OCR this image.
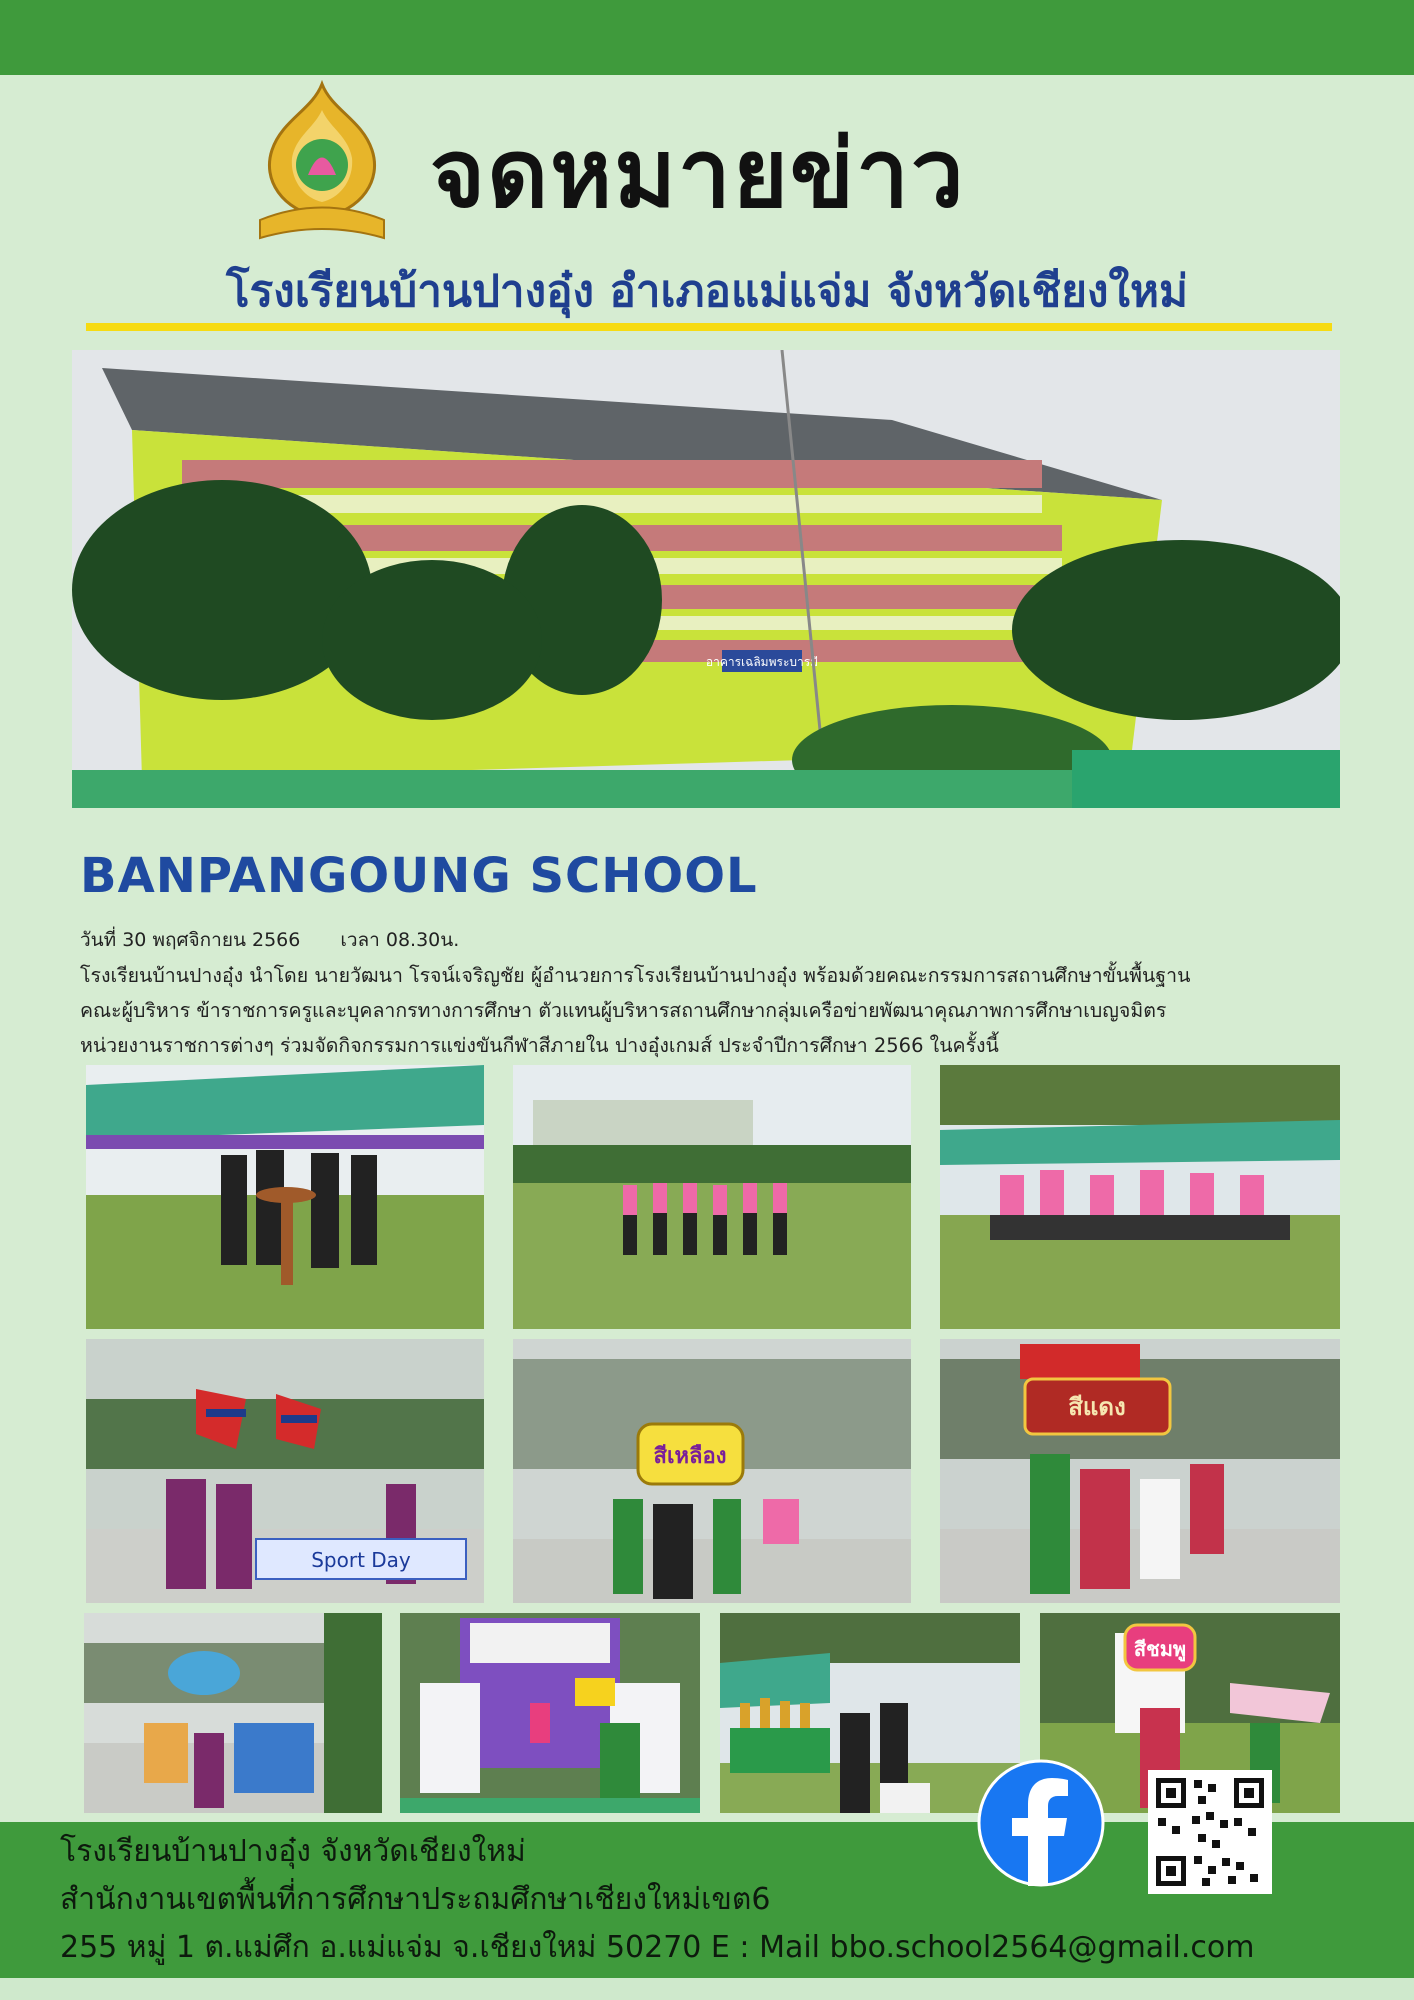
จดหมายข่าว
โรงเรียนบ้านปางอุ๋ง อำเภอแม่แจ่ม จังหวัดเชียงใหม่
อาคารเฉลิมพระบารมี
BANPANGOUNG SCHOOL
วันที่ 30 พฤศจิกายน 2566 เวลา 08.30น.
โรงเรียนบ้านปางอุ๋ง นำโดย นายวัฒนา โรจน์เจริญชัย ผู้อำนวยการโรงเรียนบ้านปางอุ๋ง พร้อมด้วยคณะกรรมการสถานศึกษาขั้นพื้นฐาน
คณะผู้บริหาร ข้าราชการครูและบุคลากรทางการศึกษา ตัวแทนผู้บริหารสถานศึกษากลุ่มเครือข่ายพัฒนาคุณภาพการศึกษาเบญจมิตร
หน่วยงานราชการต่างๆ ร่วมจัดกิจกรรมการแข่งขันกีฬาสีภายใน ปางอุ๋งเกมส์ ประจำปีการศึกษา 2566 ในครั้งนี้
Sport Day
สีเหลือง
สีแดง
สีชมพู
โรงเรียนบ้านปางอุ๋ง จังหวัดเชียงใหม่
สำนักงานเขตพื้นที่การศึกษาประถมศึกษาเชียงใหม่เขต6
255 หมู่ 1 ต.แม่ศึก อ.แม่แจ่ม จ.เชียงใหม่ 50270 E : Mail bbo.school2564@gmail.com
